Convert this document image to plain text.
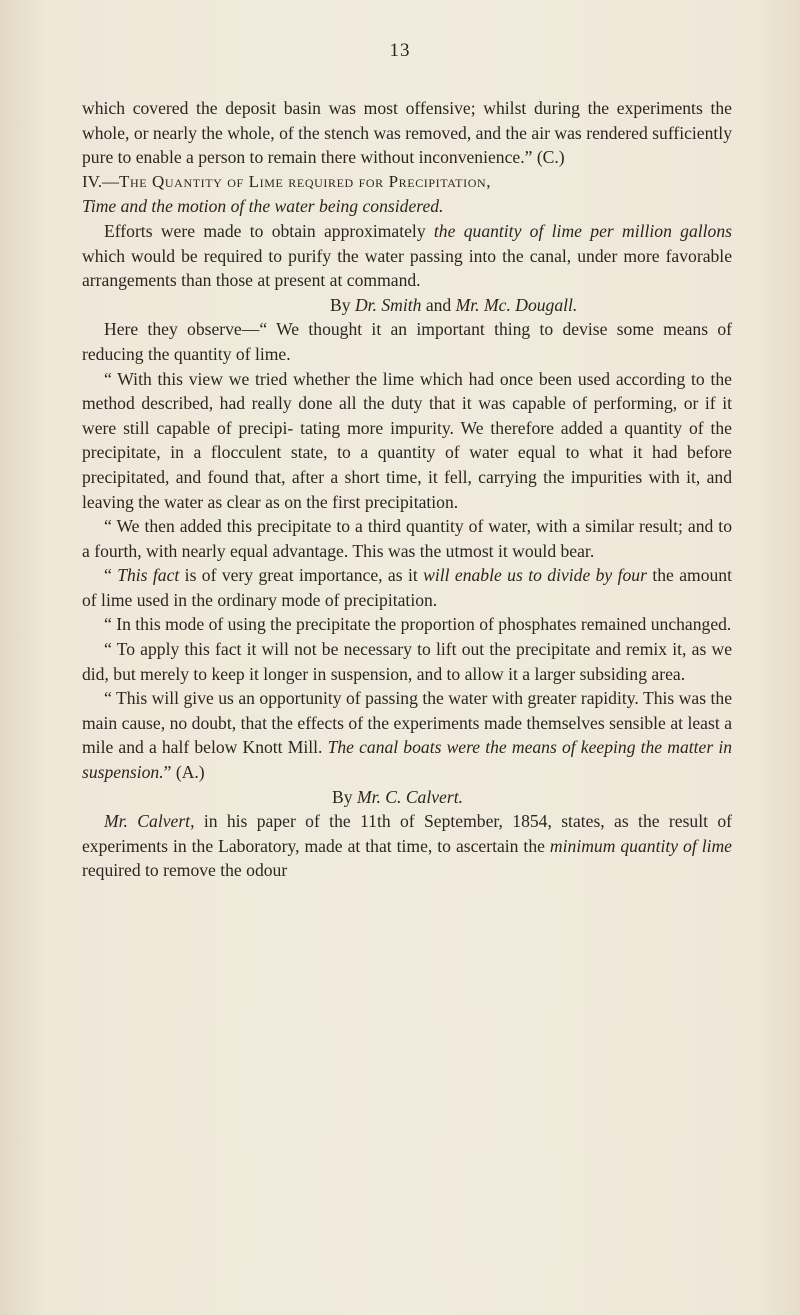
13

which covered the deposit basin was most offensive; whilst during the experiments the whole, or nearly the whole, of the stench was removed, and the air was rendered sufficiently pure to enable a person to remain there without inconvenience.” (C.)

IV.—The Quantity of Lime required for Precipitation,

Time and the motion of the water being considered.

Efforts were made to obtain approximately the quantity of lime per million gallons which would be required to purify the water passing into the canal, under more favorable arrangements than those at present at command.

By Dr. Smith and Mr. Mc. Dougall.

Here they observe—“ We thought it an important thing to devise some means of reducing the quantity of lime.

“ With this view we tried whether the lime which had once been used according to the method described, had really done all the duty that it was capable of performing, or if it were still capable of precipi- tating more impurity. We therefore added a quantity of the precipitate, in a flocculent state, to a quantity of water equal to what it had before precipitated, and found that, after a short time, it fell, carrying the impurities with it, and leaving the water as clear as on the first precipitation.

“ We then added this precipitate to a third quantity of water, with a similar result; and to a fourth, with nearly equal advantage. This was the utmost it would bear.

“ This fact is of very great importance, as it will enable us to divide by four the amount of lime used in the ordinary mode of precipitation.

“ In this mode of using the precipitate the proportion of phosphates remained unchanged.

“ To apply this fact it will not be necessary to lift out the precipitate and remix it, as we did, but merely to keep it longer in suspension, and to allow it a larger subsiding area.

“ This will give us an opportunity of passing the water with greater rapidity. This was the main cause, no doubt, that the effects of the experiments made themselves sensible at least a mile and a half below Knott Mill. The canal boats were the means of keeping the matter in suspension.” (A.)

By Mr. C. Calvert.

Mr. Calvert, in his paper of the 11th of September, 1854, states, as the result of experiments in the Laboratory, made at that time, to ascertain the minimum quantity of lime required to remove the odour
